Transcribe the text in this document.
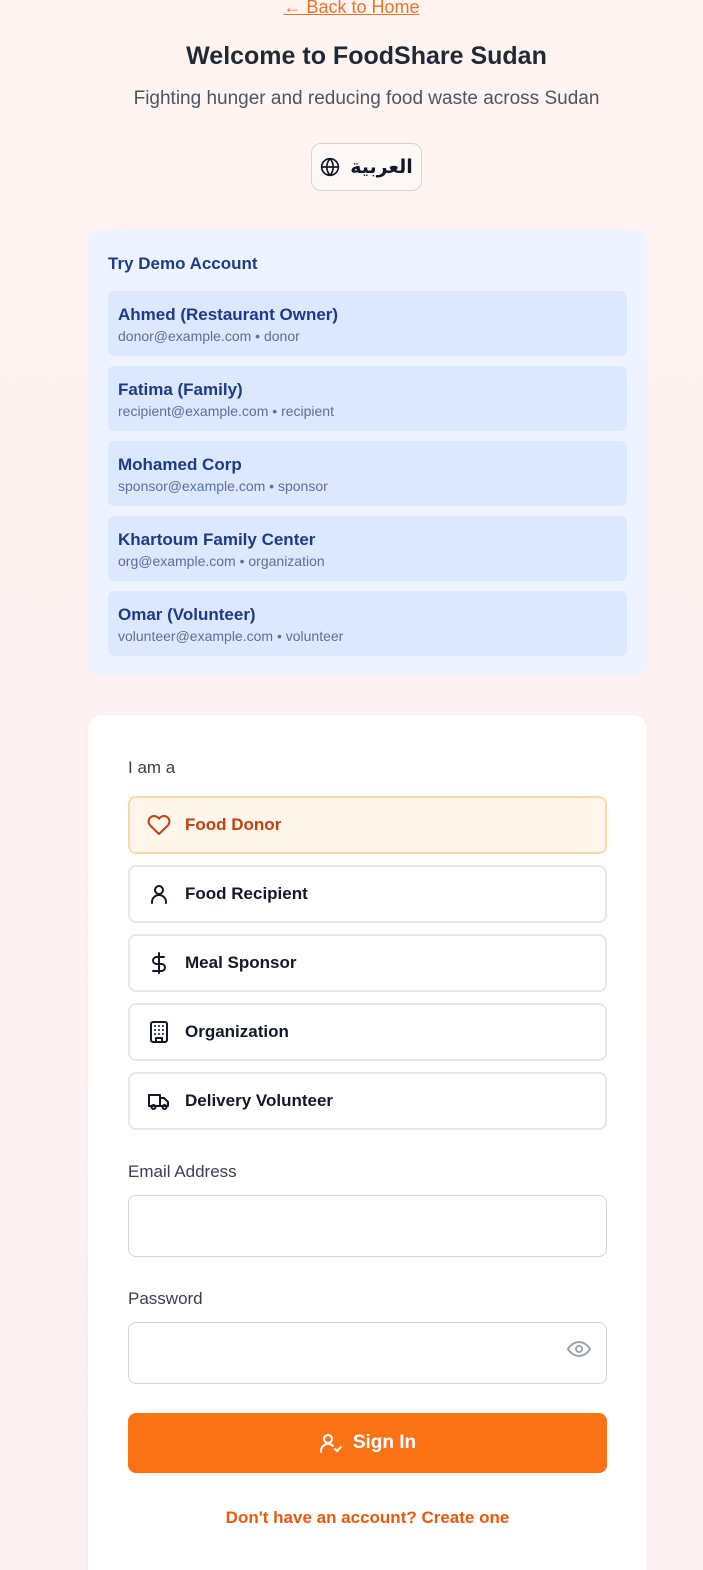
← Back to Home
Welcome to FoodShare Sudan
Fighting hunger and reducing food waste across Sudan
العربية
Try Demo Account
Ahmed (Restaurant Owner)
donor@example.com • donor
Fatima (Family)
recipient@example.com • recipient
Mohamed Corp
sponsor@example.com • sponsor
Khartoum Family Center
org@example.com • organization
Omar (Volunteer)
volunteer@example.com • volunteer
I am a
Food Donor
Food Recipient
Meal Sponsor
Organization
Delivery Volunteer
Email Address
Password
Sign In
Don't have an account? Create one
